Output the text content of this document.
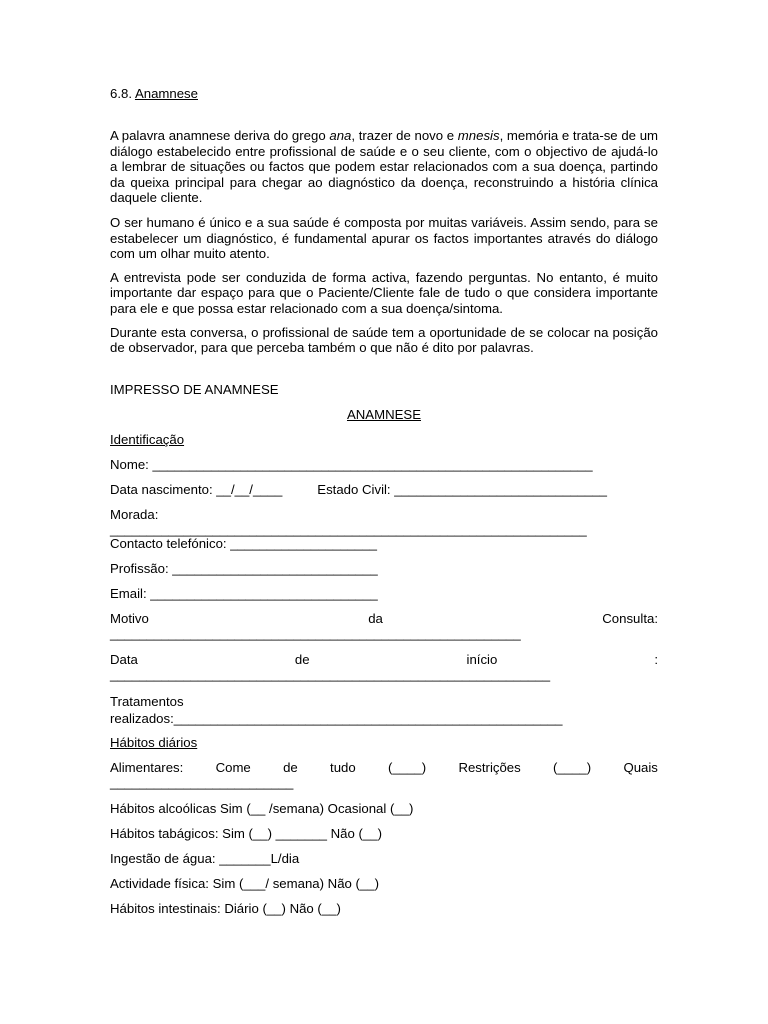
6.8. Anamnese

A palavra anamnese deriva do grego ana, trazer de novo e mnesis, memória e trata-se de um diálogo estabelecido entre profissional de saúde e o seu cliente, com o objectivo de ajudá-lo a lembrar de situações ou factos que podem estar relacionados com a sua doença, partindo da queixa principal para chegar ao diagnóstico da doença, reconstruindo a história clínica daquele cliente.

O ser humano é único e a sua saúde é composta por muitas variáveis. Assim sendo, para se estabelecer um diagnóstico, é fundamental apurar os factos importantes através do diálogo com um olhar muito atento.

A entrevista pode ser conduzida de forma activa, fazendo perguntas. No entanto, é muito importante dar espaço para que o Paciente/Cliente fale de tudo o que considera importante para ele e que possa estar relacionado com a sua doença/sintoma.

Durante esta conversa, o profissional de saúde tem a oportunidade de se colocar na posição de observador, para que perceba também o que não é dito por palavras.

IMPRESSO DE ANAMNESE
ANAMNESE
Identificação
Nome: ____________________________________________________________
Data nascimento: __/__/____	Estado Civil: _____________________________
Morada:
_________________________________________________________________
Contacto telefónico: ____________________
Profissão: ____________________________
Email: _______________________________
Motivo	da	Consulta:
________________________________________________________
Data	de	início	:
____________________________________________________________
Tratamentos
realizados:_____________________________________________________
Hábitos diários
Alimentares: Come de tudo (____) Restrições (____) Quais
_________________________
Hábitos alcoólicas Sim (__ /semana) Ocasional (__)
Hábitos tabágicos: Sim (__) _______ Não (__)
Ingestão de água: _______L/dia
Actividade física: Sim (___/ semana) Não (__)
Hábitos intestinais: Diário (__) Não (__)
